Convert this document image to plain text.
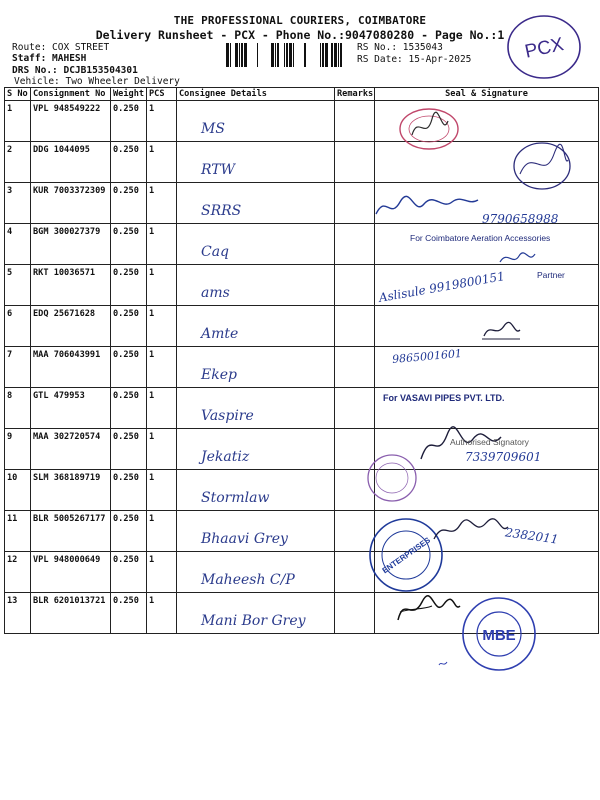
THE PROFESSIONAL COURIERS, COIMBATORE
Delivery Runsheet - PCX - Phone No.:9047080280 - Page No.:1
Route: COX STREET
Staff: MAHESH
DRS No.: DCJB153504301
Vehicle: Two Wheeler Delivery
RS No.: 1535043
RS Date: 15-Apr-2025	PCX
S No	Consignment No	Weight	PCS	Consignee Details	Remarks	Seal & Signature
1	VPL 948549222	0.250	1	MS		
2	DDG 1044095	0.250	1	RTW		
3	KUR 7003372309	0.250	1	SRRS		
4	BGM 300027379	0.250	1	Caq		
5	RKT 10036571	0.250	1	ams		
6	EDQ 25671628	0.250	1	Amte		
7	MAA 706043991	0.250	1	Ekep		
8	GTL 479953	0.250	1	Vaspire		
9	MAA 302720574	0.250	1	Jekatiz		
10	SLM 368189719	0.250	1	Stormlaw		
11	BLR 5005267177	0.250	1	Bhaavi Grey		
12	VPL 948000649	0.250	1	Maheesh C/P		
13	BLR 6201013721	0.250	1	Mani Bor Grey		
9790658988
For Coimbatore Aeration Accessories
Partner
Aslisule 9919800151
9865001601
For VASAVI PIPES PVT. LTD.
Authorised Signatory
7339709601
ENTERPRISES	2382011
MBE
